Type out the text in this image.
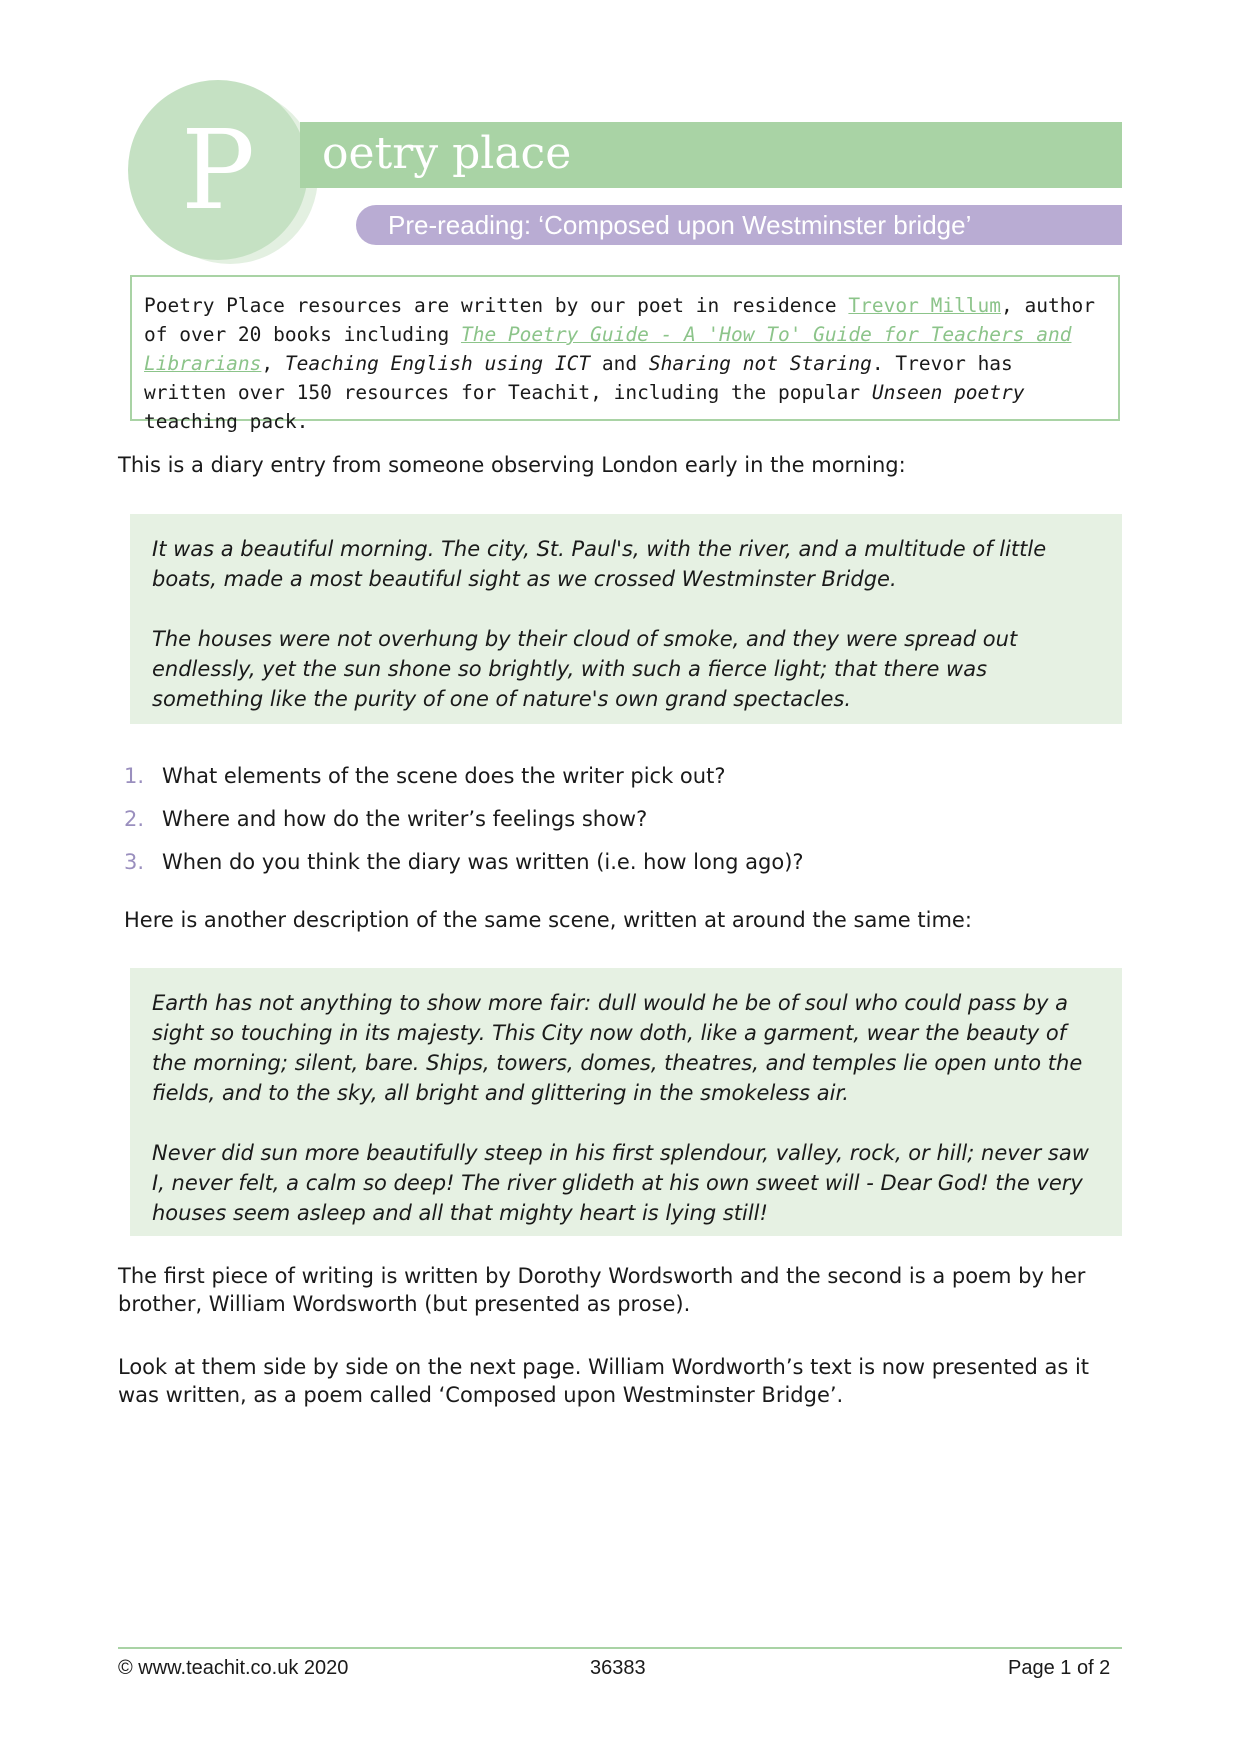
P	oetry place
Pre-reading: ‘Composed upon Westminster bridge’
Poetry Place resources are written by our poet in residence Trevor Millum, author of over 20 books including The Poetry Guide - A 'How To' Guide for Teachers and Librarians, Teaching English using ICT and Sharing not Staring. Trevor has written over 150 resources for Teachit, including the popular Unseen poetry teaching pack.
This is a diary entry from someone observing London early in the morning:

It was a beautiful morning. The city, St. Paul's, with the river, and a multitude of little boats, made a most beautiful sight as we crossed Westminster Bridge.

The houses were not overhung by their cloud of smoke, and they were spread out endlessly, yet the sun shone so brightly, with such a fierce light; that there was something like the purity of one of nature's own grand spectacles.

1. What elements of the scene does the writer pick out?
2. Where and how do the writer’s feelings show?
3. When do you think the diary was written (i.e. how long ago)?
Here is another description of the same scene, written at around the same time:

Earth has not anything to show more fair: dull would he be of soul who could pass by a sight so touching in its majesty. This City now doth, like a garment, wear the beauty of the morning; silent, bare. Ships, towers, domes, theatres, and temples lie open unto the fields, and to the sky, all bright and glittering in the smokeless air.

Never did sun more beautifully steep in his first splendour, valley, rock, or hill; never saw I, never felt, a calm so deep! The river glideth at his own sweet will - Dear God! the very houses seem asleep and all that mighty heart is lying still!

The first piece of writing is written by Dorothy Wordsworth and the second is a poem by her brother, William Wordsworth (but presented as prose).
Look at them side by side on the next page. William Wordworth’s text is now presented as it was written, as a poem called ‘Composed upon Westminster Bridge’.
© www.teachit.co.uk 2020	36383	Page 1 of 2
